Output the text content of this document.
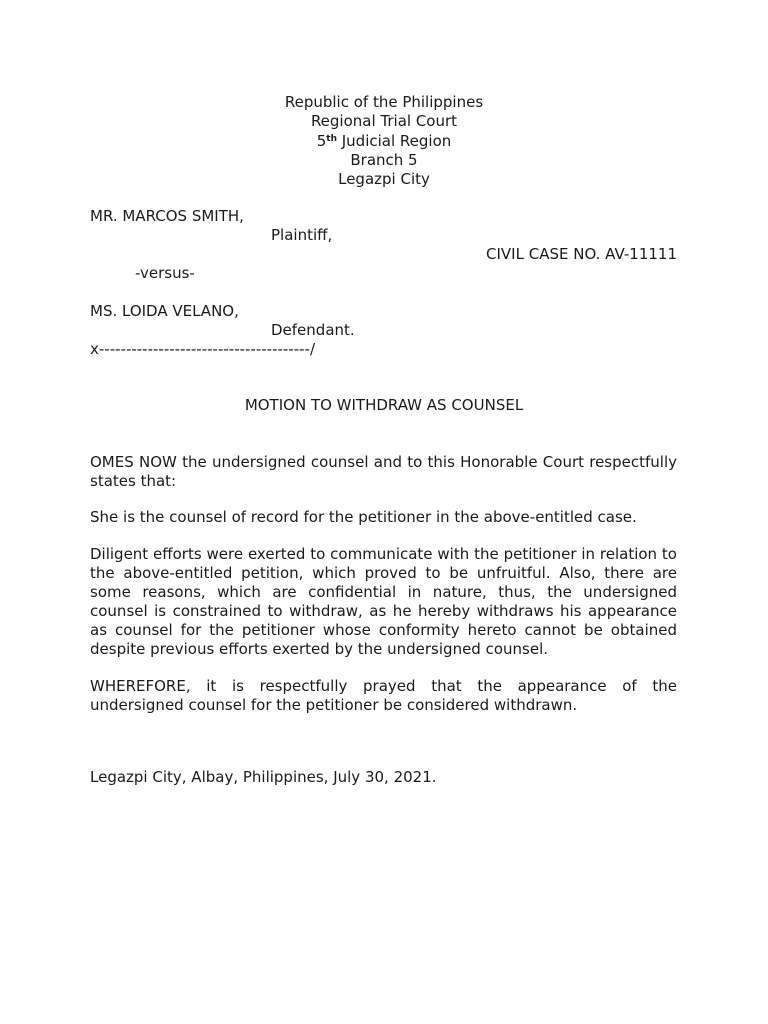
Republic of the Philippines
Regional Trial Court
5th Judicial Region
Branch 5
Legazpi City
MR. MARCOS SMITH,
Plaintiff,
CIVIL CASE NO. AV-11111
-versus-
MS. LOIDA VELANO,
Defendant.
x---------------------------------------/
MOTION TO WITHDRAW AS COUNSEL
OMES NOW the undersigned counsel and to this Honorable Court respectfully states that:
She is the counsel of record for the petitioner in the above-entitled case.
Diligent efforts were exerted to communicate with the petitioner in relation to the above-entitled petition, which proved to be unfruitful. Also, there are some reasons, which are confidential in nature, thus, the undersigned counsel is constrained to withdraw, as he hereby withdraws his appearance as counsel for the petitioner whose conformity hereto cannot be obtained despite previous efforts exerted by the undersigned counsel.
WHEREFORE, it is respectfully prayed that the appearance of the undersigned counsel for the petitioner be considered withdrawn.
Legazpi City, Albay, Philippines, July 30, 2021.
